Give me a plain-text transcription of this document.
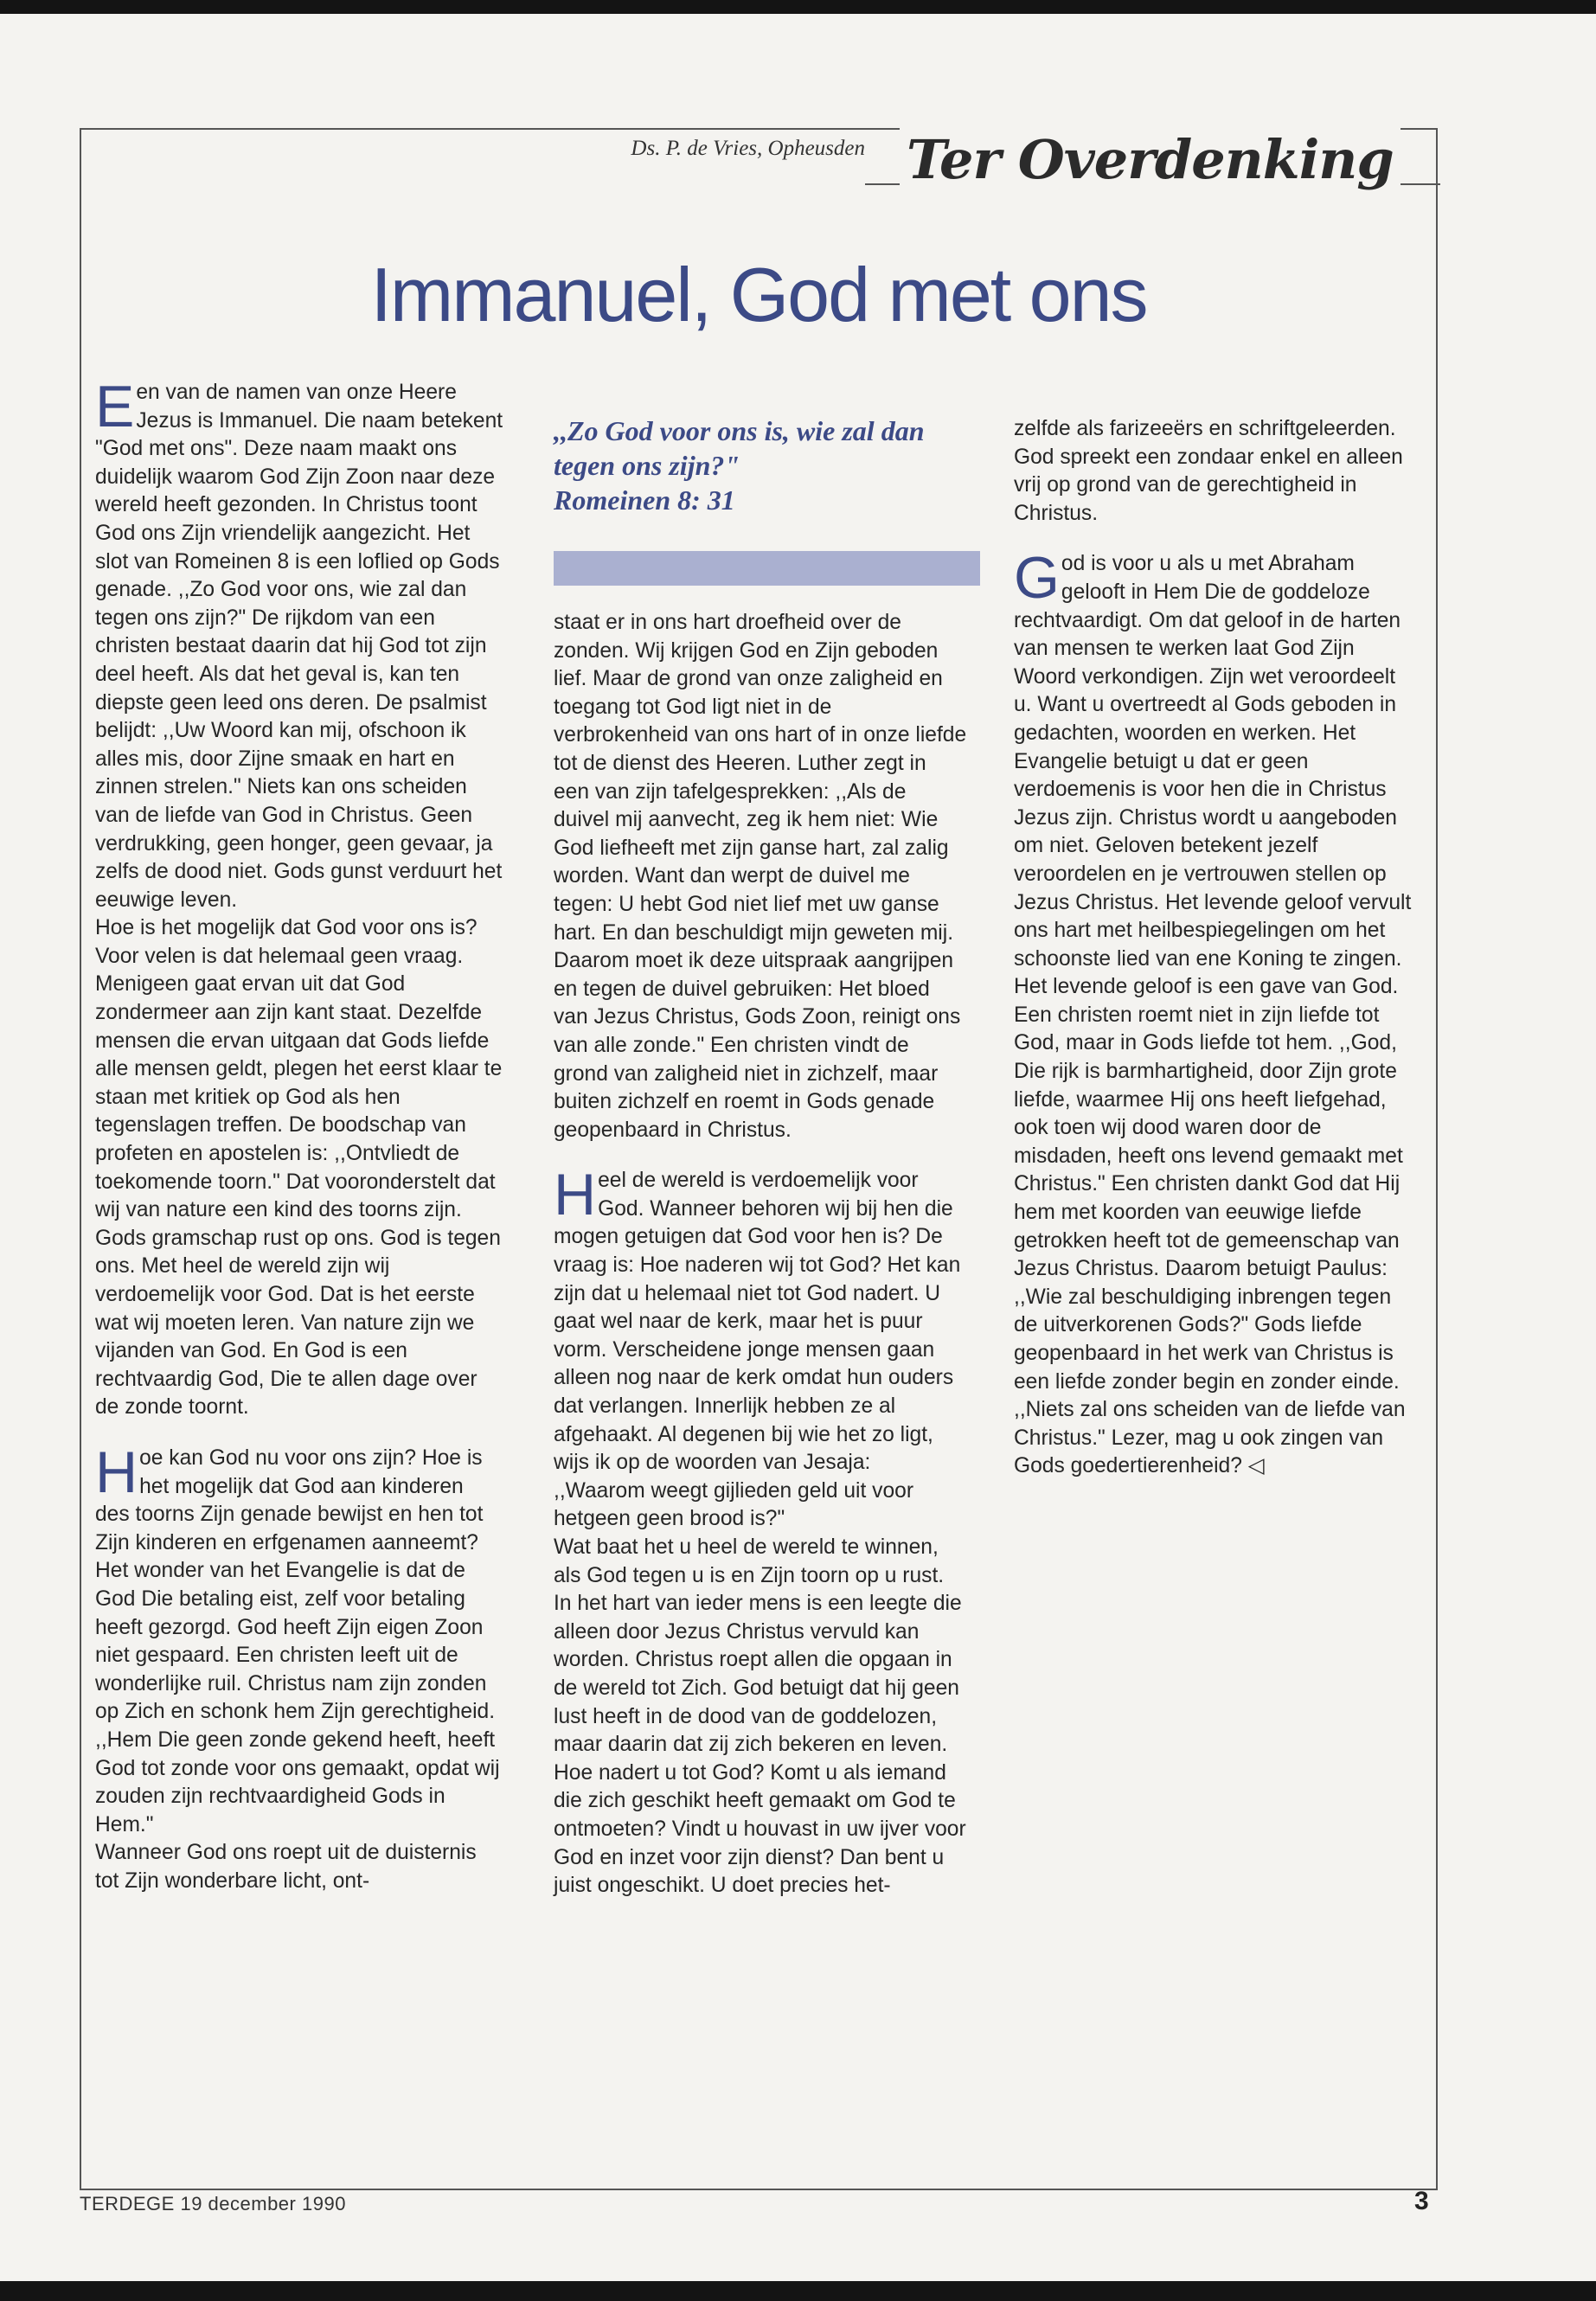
Ds. P. de Vries, Opheusden Ter Overdenking
Immanuel, God met ons

Een van de namen van onze Heere Jezus is Immanuel. Die naam betekent "God met ons". Deze naam maakt ons duidelijk waarom God Zijn Zoon naar deze wereld heeft gezonden. In Christus toont God ons Zijn vriendelijk aangezicht. Het slot van Romeinen 8 is een loflied op Gods genade. ,,Zo God voor ons, wie zal dan tegen ons zijn?" De rijkdom van een christen bestaat daarin dat hij God tot zijn deel heeft. Als dat het geval is, kan ten diepste geen leed ons deren. De psalmist belijdt: ,,Uw Woord kan mij, ofschoon ik alles mis, door Zijne smaak en hart en zinnen strelen." Niets kan ons scheiden van de liefde van God in Christus. Geen verdrukking, geen honger, geen gevaar, ja zelfs de dood niet. Gods gunst verduurt het eeuwige leven.

Hoe is het mogelijk dat God voor ons is? Voor velen is dat helemaal geen vraag. Menigeen gaat ervan uit dat God zondermeer aan zijn kant staat. Dezelfde mensen die ervan uitgaan dat Gods liefde alle mensen geldt, plegen het eerst klaar te staan met kritiek op God als hen tegenslagen treffen. De boodschap van profeten en apostelen is: ,,Ontvliedt de toekomende toorn." Dat vooronderstelt dat wij van nature een kind des toorns zijn. Gods gramschap rust op ons. God is tegen ons. Met heel de wereld zijn wij verdoemelijk voor God. Dat is het eerste wat wij moeten leren. Van nature zijn we vijanden van God. En God is een rechtvaardig God, Die te allen dage over de zonde toornt.

Hoe kan God nu voor ons zijn? Hoe is het mogelijk dat God aan kinderen des toorns Zijn genade bewijst en hen tot Zijn kinderen en erfgenamen aanneemt? Het wonder van het Evangelie is dat de God Die betaling eist, zelf voor betaling heeft gezorgd. God heeft Zijn eigen Zoon niet gespaard. Een christen leeft uit de wonderlijke ruil. Christus nam zijn zonden op Zich en schonk hem Zijn gerechtigheid. ,,Hem Die geen zonde gekend heeft, heeft God tot zonde voor ons gemaakt, opdat wij zouden zijn rechtvaardigheid Gods in Hem."

Wanneer God ons roept uit de duisternis tot Zijn wonderbare licht, ont-

,,Zo God voor ons is, wie zal dan tegen ons zijn?"
Romeinen 8: 31

staat er in ons hart droefheid over de zonden. Wij krijgen God en Zijn geboden lief. Maar de grond van onze zaligheid en toegang tot God ligt niet in de verbrokenheid van ons hart of in onze liefde tot de dienst des Heeren. Luther zegt in een van zijn tafelgesprekken: ,,Als de duivel mij aanvecht, zeg ik hem niet: Wie God liefheeft met zijn ganse hart, zal zalig worden. Want dan werpt de duivel me tegen: U hebt God niet lief met uw ganse hart. En dan beschuldigt mijn geweten mij. Daarom moet ik deze uitspraak aangrijpen en tegen de duivel gebruiken: Het bloed van Jezus Christus, Gods Zoon, reinigt ons van alle zonde." Een christen vindt de grond van zaligheid niet in zichzelf, maar buiten zichzelf en roemt in Gods genade geopenbaard in Christus.

Heel de wereld is verdoemelijk voor God. Wanneer behoren wij bij hen die mogen getuigen dat God voor hen is? De vraag is: Hoe naderen wij tot God? Het kan zijn dat u helemaal niet tot God nadert. U gaat wel naar de kerk, maar het is puur vorm. Verscheidene jonge mensen gaan alleen nog naar de kerk omdat hun ouders dat verlangen. Innerlijk hebben ze al afgehaakt. Al degenen bij wie het zo ligt, wijs ik op de woorden van Jesaja: ,,Waarom weegt gijlieden geld uit voor hetgeen geen brood is?"

Wat baat het u heel de wereld te winnen, als God tegen u is en Zijn toorn op u rust. In het hart van ieder mens is een leegte die alleen door Jezus Christus vervuld kan worden. Christus roept allen die opgaan in de wereld tot Zich. God betuigt dat hij geen lust heeft in de dood van de goddelozen, maar daarin dat zij zich bekeren en leven.

Hoe nadert u tot God? Komt u als iemand die zich geschikt heeft gemaakt om God te ontmoeten? Vindt u houvast in uw ijver voor God en inzet voor zijn dienst? Dan bent u juist ongeschikt. U doet precies het-

zelfde als farizeeërs en schriftgeleerden. God spreekt een zondaar enkel en alleen vrij op grond van de gerechtigheid in Christus.

God is voor u als u met Abraham gelooft in Hem Die de goddeloze rechtvaardigt. Om dat geloof in de harten van mensen te werken laat God Zijn Woord verkondigen. Zijn wet veroordeelt u. Want u overtreedt al Gods geboden in gedachten, woorden en werken. Het Evangelie betuigt u dat er geen verdoemenis is voor hen die in Christus Jezus zijn. Christus wordt u aangeboden om niet. Geloven betekent jezelf veroordelen en je vertrouwen stellen op Jezus Christus. Het levende geloof vervult ons hart met heilbespiegelingen om het schoonste lied van ene Koning te zingen.

Het levende geloof is een gave van God. Een christen roemt niet in zijn liefde tot God, maar in Gods liefde tot hem. ,,God, Die rijk is barmhartigheid, door Zijn grote liefde, waarmee Hij ons heeft liefgehad, ook toen wij dood waren door de misdaden, heeft ons levend gemaakt met Christus." Een christen dankt God dat Hij hem met koorden van eeuwige liefde getrokken heeft tot de gemeenschap van Jezus Christus. Daarom betuigt Paulus: ,,Wie zal beschuldiging inbrengen tegen de uitverkorenen Gods?" Gods liefde geopenbaard in het werk van Christus is een liefde zonder begin en zonder einde. ,,Niets zal ons scheiden van de liefde van Christus." Lezer, mag u ook zingen van Gods goedertierenheid? ◁

TERDEGE 19 december 1990	3
